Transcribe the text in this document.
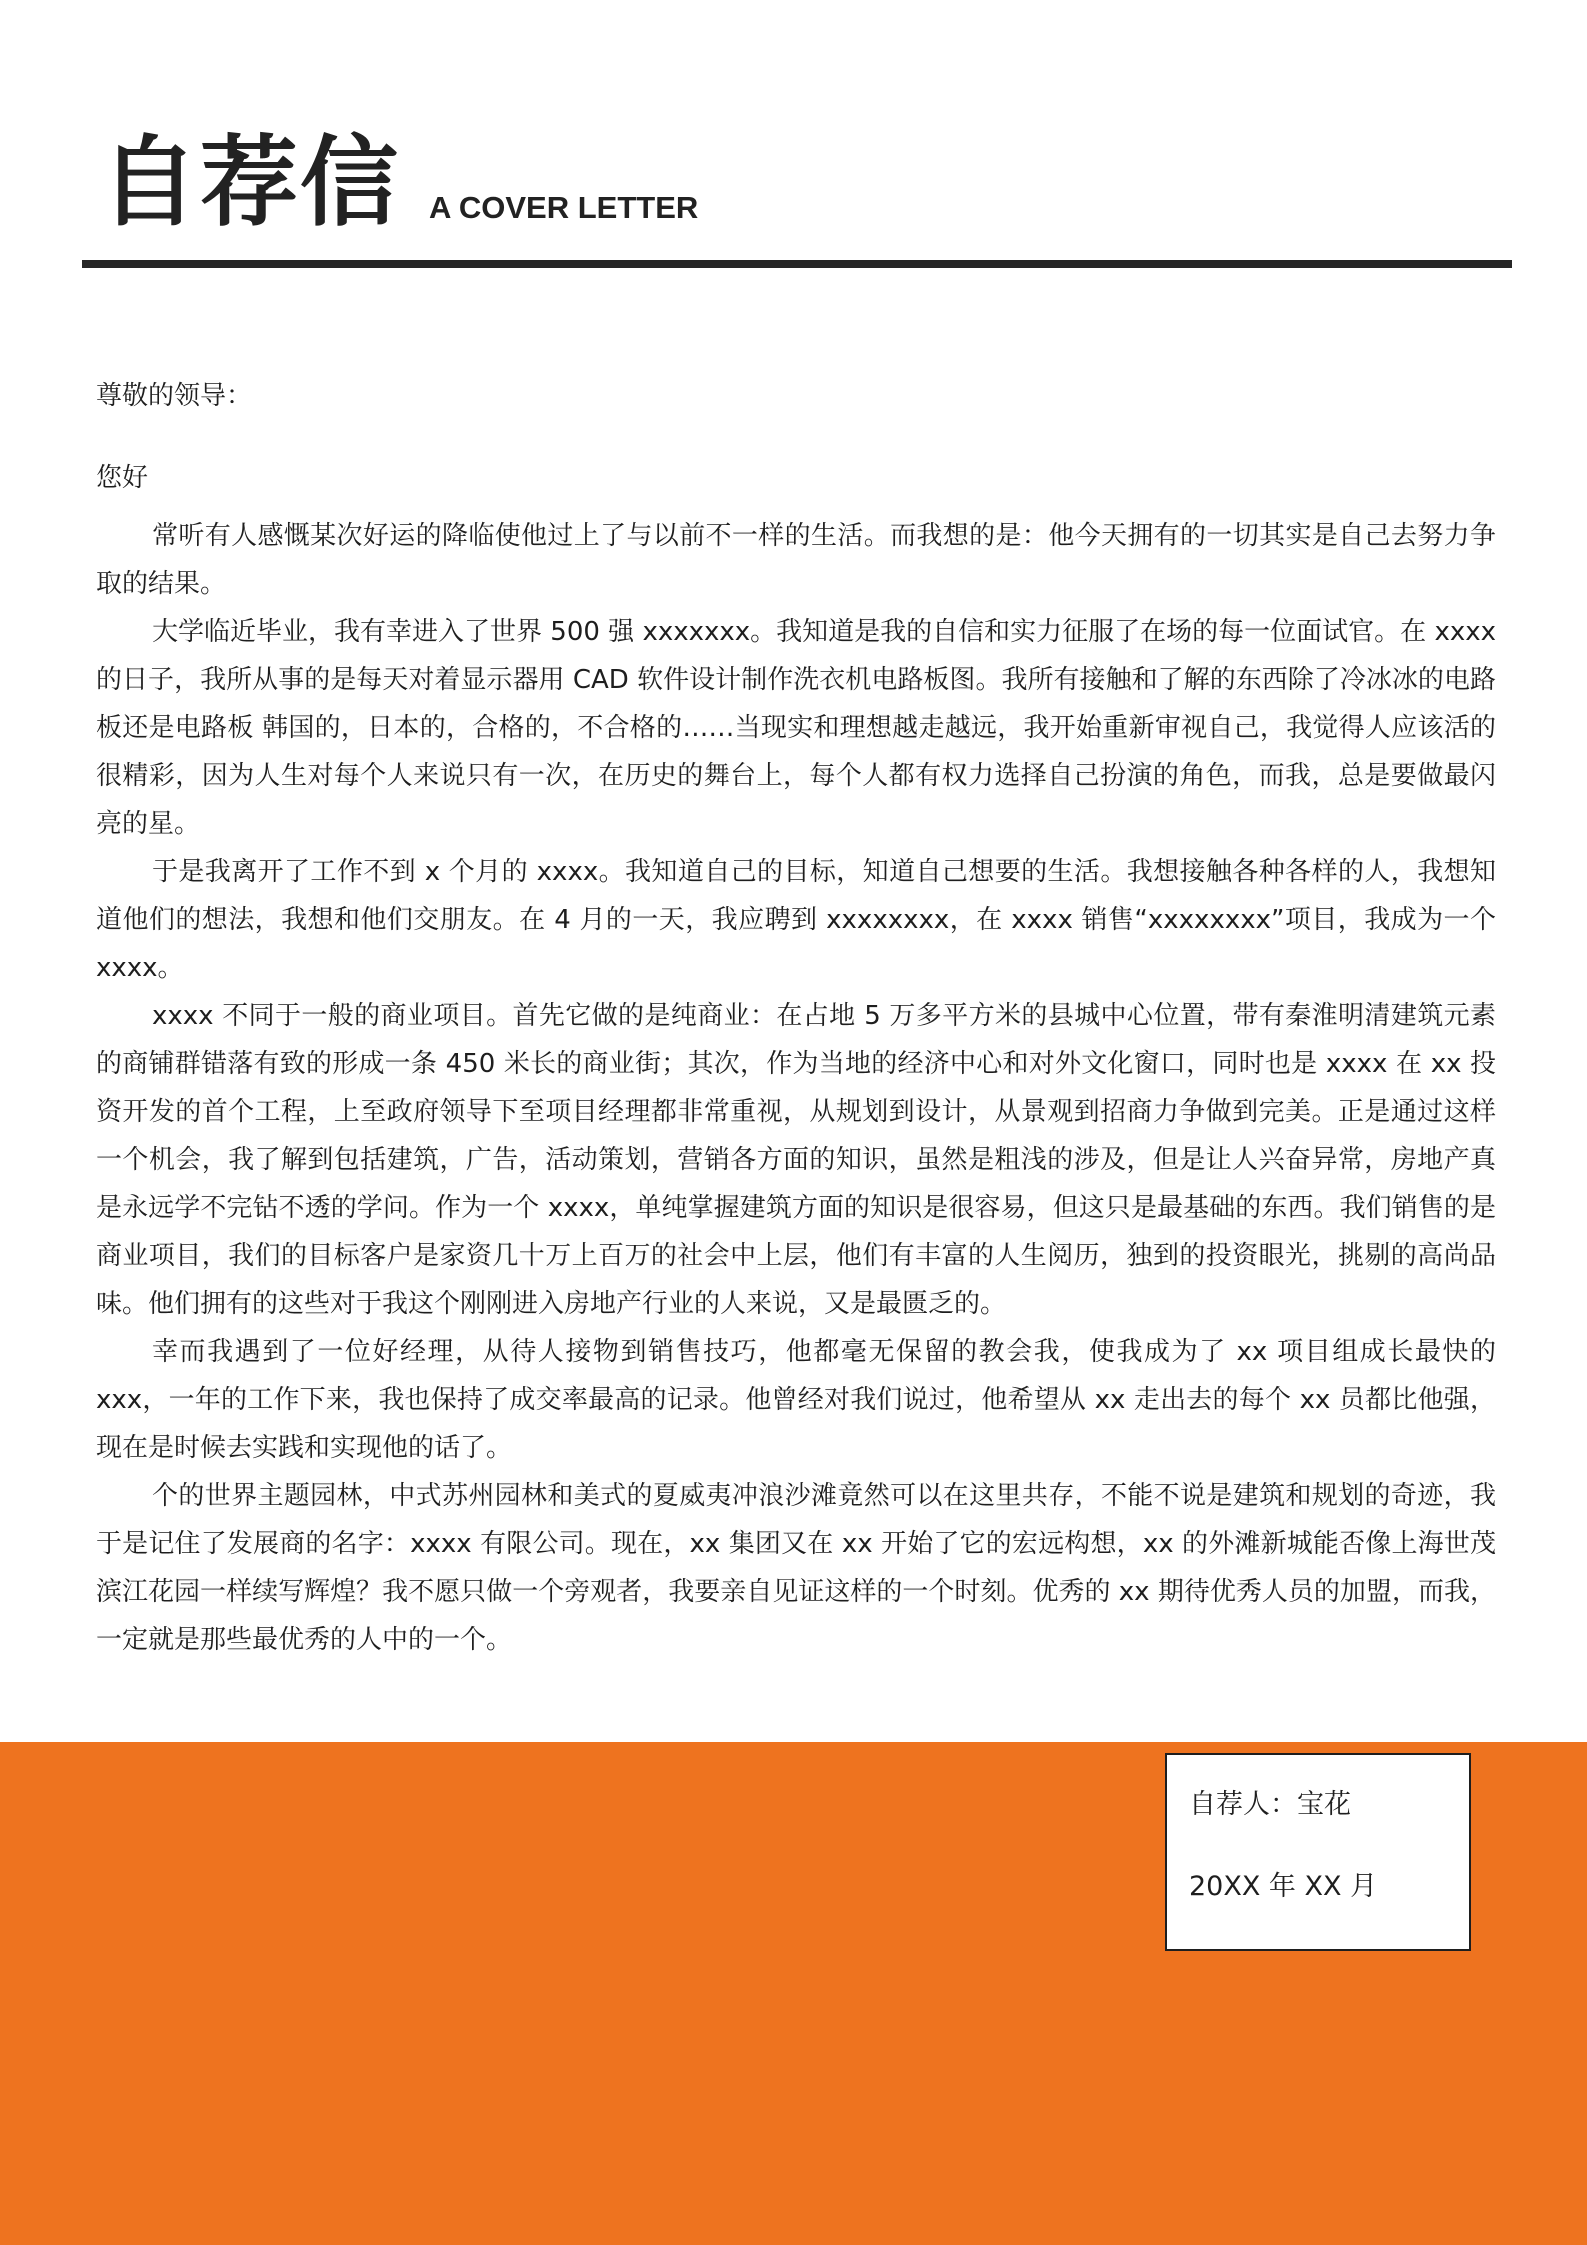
自荐信 A COVER LETTER

尊敬的领导：

您好

常听有人感慨某次好运的降临使他过上了与以前不一样的生活。而我想的是：他今天拥有的一切其实是自己去努力争取的结果。

大学临近毕业，我有幸进入了世界 500 强 xxxxxxx。我知道是我的自信和实力征服了在场的每一位面试官。在 xxxx 的日子，我所从事的是每天对着显示器用 CAD 软件设计制作洗衣机电路板图。我所有接触和了解的东西除了冷冰冰的电路板还是电路板 韩国的，日本的，合格的，不合格的……当现实和理想越走越远，我开始重新审视自己，我觉得人应该活的很精彩，因为人生对每个人来说只有一次，在历史的舞台上，每个人都有权力选择自己扮演的角色，而我，总是要做最闪亮的星。

于是我离开了工作不到 x 个月的 xxxx。我知道自己的目标，知道自己想要的生活。我想接触各种各样的人，我想知道他们的想法，我想和他们交朋友。在 4 月的一天，我应聘到 xxxxxxxx，在 xxxx 销售“xxxxxxxx”项目，我成为一个 xxxx。

xxxx 不同于一般的商业项目。首先它做的是纯商业：在占地 5 万多平方米的县城中心位置，带有秦淮明清建筑元素的商铺群错落有致的形成一条 450 米长的商业街；其次，作为当地的经济中心和对外文化窗口，同时也是 xxxx 在 xx 投资开发的首个工程，上至政府领导下至项目经理都非常重视，从规划到设计，从景观到招商力争做到完美。正是通过这样一个机会，我了解到包括建筑，广告，活动策划，营销各方面的知识，虽然是粗浅的涉及，但是让人兴奋异常，房地产真是永远学不完钻不透的学问。作为一个 xxxx，单纯掌握建筑方面的知识是很容易，但这只是最基础的东西。我们销售的是商业项目，我们的目标客户是家资几十万上百万的社会中上层，他们有丰富的人生阅历，独到的投资眼光，挑剔的高尚品味。他们拥有的这些对于我这个刚刚进入房地产行业的人来说，又是最匮乏的。

幸而我遇到了一位好经理，从待人接物到销售技巧，他都毫无保留的教会我，使我成为了 xx 项目组成长最快的 xxx，一年的工作下来，我也保持了成交率最高的记录。他曾经对我们说过，他希望从 xx 走出去的每个 xx 员都比他强，现在是时候去实践和实现他的话了。

个的世界主题园林，中式苏州园林和美式的夏威夷冲浪沙滩竟然可以在这里共存，不能不说是建筑和规划的奇迹，我于是记住了发展商的名字：xxxx 有限公司。现在，xx 集团又在 xx 开始了它的宏远构想，xx 的外滩新城能否像上海世茂滨江花园一样续写辉煌？我不愿只做一个旁观者，我要亲自见证这样的一个时刻。优秀的 xx 期待优秀人员的加盟，而我，一定就是那些最优秀的人中的一个。

自荐人：宝花
20XX 年 XX 月
